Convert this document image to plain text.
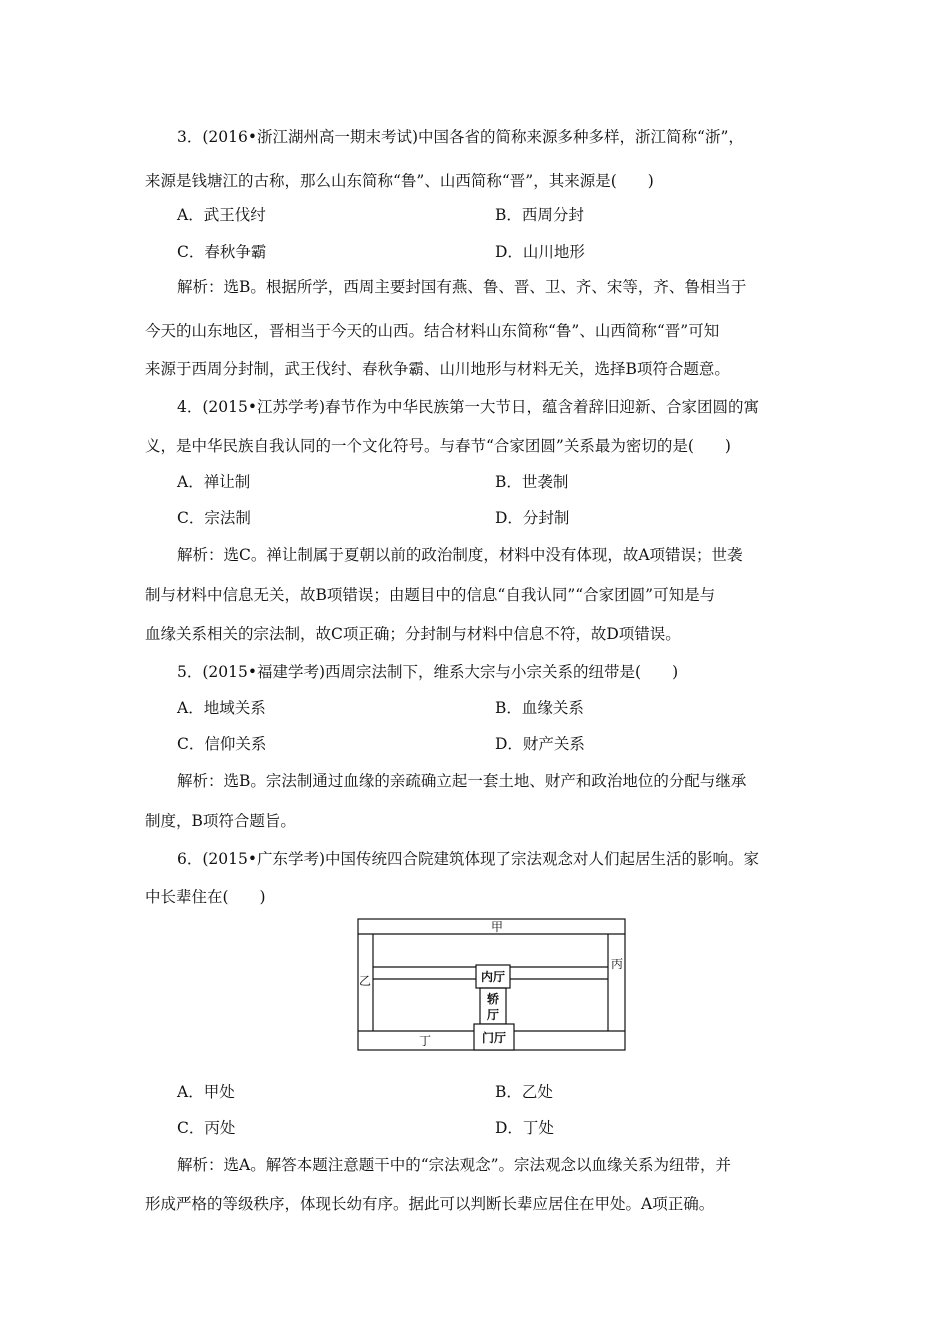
3．(2016•浙江湖州高一期末考试)中国各省的简称来源多种多样，浙江简称“浙”，
来源是钱塘江的古称，那么山东简称“鲁”、山西简称“晋”，其来源是(　　)
A．武王伐纣	B．西周分封
C．春秋争霸	D．山川地形
解析：选B。根据所学，西周主要封国有燕、鲁、晋、卫、齐、宋等，齐、鲁相当于
今天的山东地区，晋相当于今天的山西。结合材料山东简称“鲁”、山西简称“晋”可知
来源于西周分封制，武王伐纣、春秋争霸、山川地形与材料无关，选择B项符合题意。
4．(2015•江苏学考)春节作为中华民族第一大节日，蕴含着辞旧迎新、合家团圆的寓
义，是中华民族自我认同的一个文化符号。与春节“合家团圆”关系最为密切的是(　　)
A．禅让制	B．世袭制
C．宗法制	D．分封制
解析：选C。禅让制属于夏朝以前的政治制度，材料中没有体现，故A项错误；世袭
制与材料中信息无关，故B项错误；由题目中的信息“自我认同”“合家团圆”可知是与
血缘关系相关的宗法制，故C项正确；分封制与材料中信息不符，故D项错误。
5．(2015•福建学考)西周宗法制下，维系大宗与小宗关系的纽带是(　　)
A．地域关系	B．血缘关系
C．信仰关系	D．财产关系
解析：选B。宗法制通过血缘的亲疏确立起一套土地、财产和政治地位的分配与继承
制度，B项符合题旨。
6．(2015•广东学考)中国传统四合院建筑体现了宗法观念对人们起居生活的影响。家
中长辈住在(　　)
甲
乙
丙
丁
内厅
轿
厅
门厅
A．甲处	B．乙处
C．丙处	D．丁处
解析：选A。解答本题注意题干中的“宗法观念”。宗法观念以血缘关系为纽带，并
形成严格的等级秩序，体现长幼有序。据此可以判断长辈应居住在甲处。A项正确。
